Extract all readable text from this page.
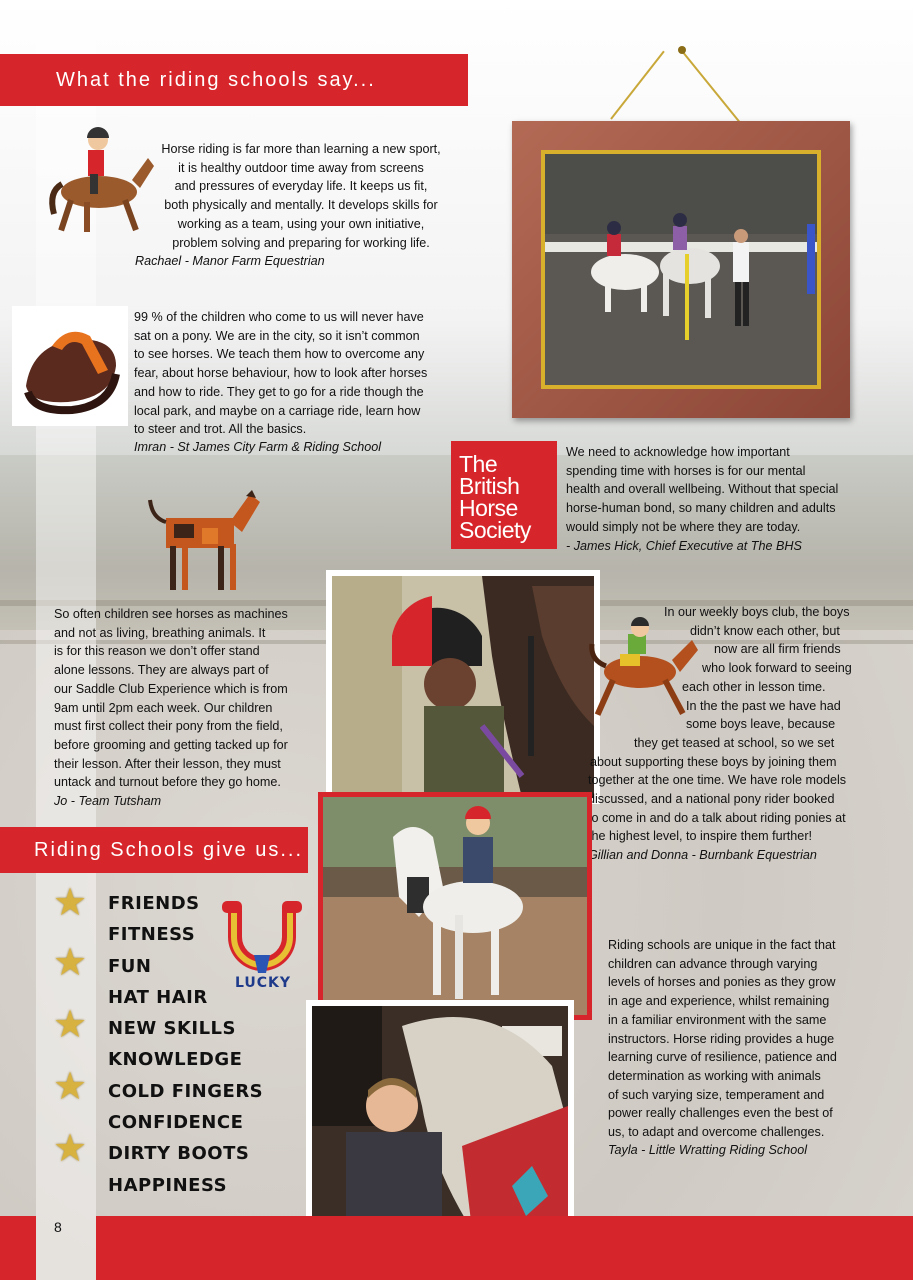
What the riding schools say...

Horse riding is far more than learning a new sport,
it is healthy outdoor time away from screens
and pressures of everyday life. It keeps us fit,
both physically and mentally. It develops skills for
working as a team, using your own initiative,
problem solving and preparing for working life.

Rachael - Manor Farm Equestrian

99 % of the children who come to us will never have
sat on a pony. We are in the city, so it isn’t common
to see horses. We teach them how to overcome any
fear, about horse behaviour, how to look after horses
and how to ride. They get to go for a ride though the
local park, and maybe on a carriage ride, learn how
to steer and trot. All the basics.

Imran - St James City Farm & Riding School

The
British
Horse
Society

We need to acknowledge how important
spending time with horses is for our mental
health and overall wellbeing. Without that special
horse-human bond, so many children and adults
would simply not be where they are today.

- James Hick, Chief Executive at The BHS

So often children see horses as machines
and not as living, breathing animals. It
is for this reason we don’t offer stand
alone lessons. They are always part of
our Saddle Club Experience which is from
9am until 2pm each week. Our children
must first collect their pony from the field,
before grooming and getting tacked up for
their lesson. After their lesson, they must
untack and turnout before they go home.

Jo - Team Tutsham

In our weekly boys club, the boys
didn’t know each other, but
now are all firm friends
who look forward to seeing
each other in lesson time.
In the the past we have had
some boys leave, because
they get teased at school, so we set
about supporting these boys by joining them
together at the one time. We have role models
discussed, and a national pony rider booked
to come in and do a talk about riding ponies at
the highest level, to inspire them further!

Gillian and Donna - Burnbank Equestrian

Riding Schools give us...
★
★
★
★
★
FRIENDS
FITNESS
FUN
HAT HAIR
NEW SKILLS
KNOWLEDGE
COLD FINGERS
CONFIDENCE
DIRTY BOOTS
HAPPINESS
LUCKY

Riding schools are unique in the fact that
children can advance through varying
levels of horses and ponies as they grow
in age and experience, whilst remaining
in a familiar environment with the same
instructors. Horse riding provides a huge
learning curve of resilience, patience and
determination as working with animals
of such varying size, temperament and
power really challenges even the best of
us, to adapt and overcome challenges.

Tayla - Little Wratting Riding School

8
